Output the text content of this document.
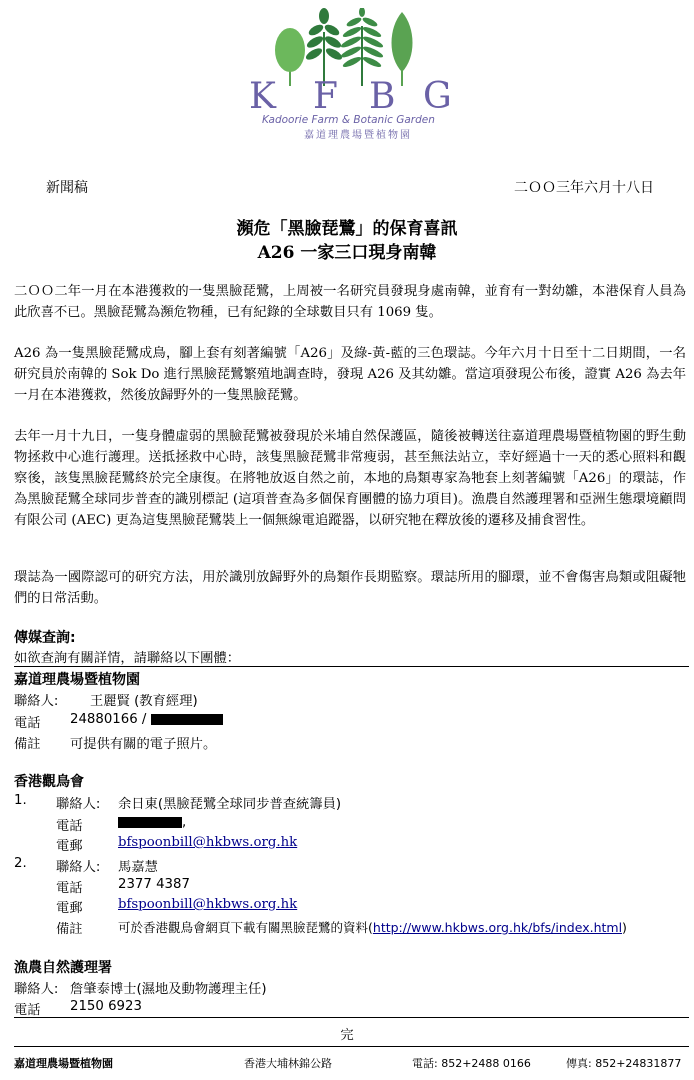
K F B G
Kadoorie Farm & Botanic Garden
嘉道理農場暨植物園
新聞稿	二ＯＯ三年六月十八日
瀕危「黑臉琵鷺」的保育喜訊
A26 一家三口現身南韓
二ＯＯ二年一月在本港獲救的一隻黑臉琵鷺，上周被一名研究員發現身處南韓，並育有一對幼雛，本港保育人員為此欣喜不已。黑臉琵鷺為瀕危物種，已有紀錄的全球數目只有 1069 隻。
A26 為一隻黑臉琵鷺成鳥，腳上套有刻著編號「A26」及綠-黃-藍的三色環誌。今年六月十日至十二日期間，一名研究員於南韓的 Sok Do 進行黑臉琵鷺繁殖地調查時，發現 A26 及其幼雛。當這項發現公布後，證實 A26 為去年一月在本港獲救，然後放歸野外的一隻黑臉琵鷺。
去年一月十九日，一隻身體虛弱的黑臉琵鷺被發現於米埔自然保護區，隨後被轉送往嘉道理農場暨植物園的野生動物拯救中心進行護理。送抵拯救中心時，該隻黑臉琵鷺非常瘦弱，甚至無法站立，幸好經過十一天的悉心照料和觀察後，該隻黑臉琵鷺終於完全康復。在將牠放返自然之前，本地的鳥類專家為牠套上刻著編號「A26」的環誌，作為黑臉琵鷺全球同步普查的識別標記 (這項普查為多個保育團體的協力項目)。漁農自然護理署和亞洲生態環境顧問有限公司 (AEC) 更為這隻黑臉琵鷺裝上一個無線電追蹤器，以研究牠在釋放後的遷移及捕食習性。
環誌為一國際認可的研究方法，用於識別放歸野外的鳥類作長期監察。環誌所用的腳環，並不會傷害鳥類或阻礙牠們的日常活動。
傳媒查詢:
如欲查詢有關詳情，請聯絡以下團體：
嘉道理農場暨植物園
聯絡人: 王麗賢 (教育經理)
電話 24880166 /
備註 可提供有關的電子照片。
香港觀鳥會
1. 聯絡人: 余日東(黑臉琵鷺全球同步普查統籌員)
電話	,
電郵	bfspoonbill@hkbws.org.hk
2. 聯絡人: 馬嘉慧
電話	2377 4387
電郵	bfspoonbill@hkbws.org.hk
備註	可於香港觀鳥會網頁下載有關黑臉琵鷺的資料(http://www.hkbws.org.hk/bfs/index.html)
漁農自然護理署
聯絡人: 詹肇泰博士(濕地及動物護理主任)
電話 2150 6923
完
嘉道理農場暨植物園	香港大埔林錦公路	電話: 852+2488 0166	傳真: 852+24831877
